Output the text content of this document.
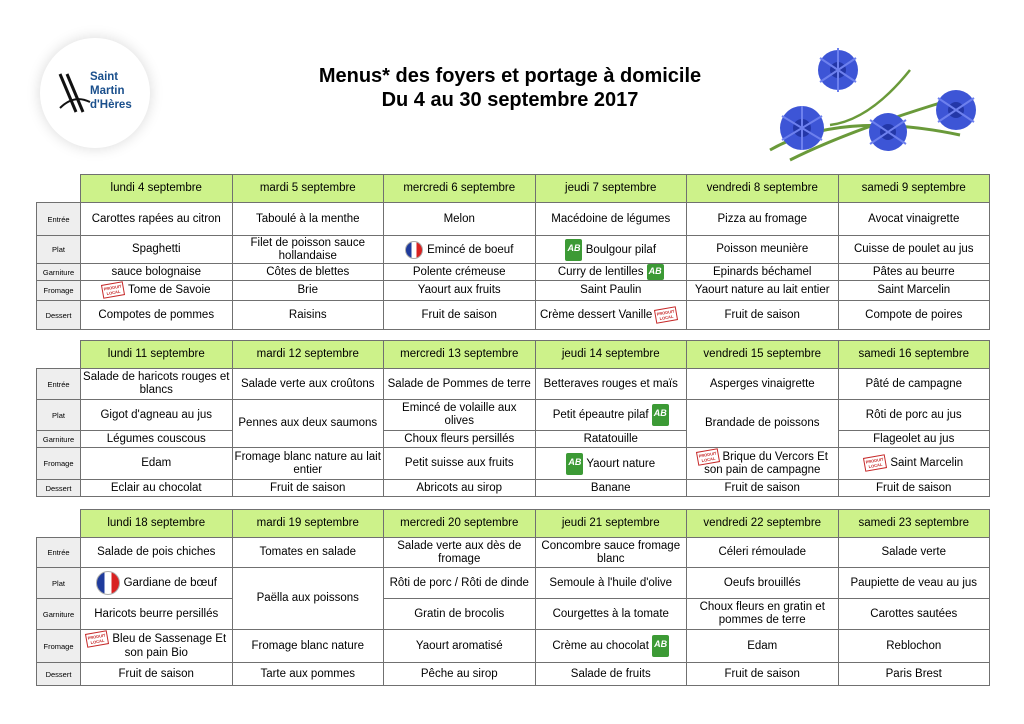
Saint
Martin
d'Hères
Menus* des foyers et portage à domicile
Du 4 au 30 septembre 2017
	lundi 4 septembre	mardi 5 septembre	mercredi 6 septembre	jeudi 7 septembre	vendredi 8 septembre	samedi 9 septembre
Entrée	Carottes rapées au citron	Taboulé à la menthe	Melon	Macédoine de légumes	Pizza au fromage	Avocat vinaigrette
Plat	Spaghetti	Filet de poisson sauce hollandaise	Emincé de boeuf	AB Boulgour pilaf	Poisson meunière	Cuisse de poulet au jus
Garniture	sauce bolognaise	Côtes de blettes	Polente crémeuse	Curry de lentilles AB	Epinards béchamel	Pâtes au beurre
Fromage	PRODUIT LOCAL Tome de Savoie	Brie	Yaourt aux fruits	Saint Paulin	Yaourt nature au lait entier	Saint Marcelin
Dessert	Compotes de pommes	Raisins	Fruit de saison	Crème dessert Vanille PRODUIT LOCAL	Fruit de saison	Compote de poires
	lundi 11 septembre	mardi 12 septembre	mercredi 13 septembre	jeudi 14 septembre	vendredi 15 septembre	samedi 16 septembre
Entrée	Salade de haricots rouges et blancs	Salade verte aux croûtons	Salade de Pommes de terre	Betteraves rouges et maïs	Asperges vinaigrette	Pâté de campagne
Plat	Gigot d'agneau au jus	Pennes aux deux saumons	Emincé de volaille aux olives	Petit épeautre pilaf AB	Brandade de poissons	Rôti de porc au jus
Garniture	Légumes couscous		Choux fleurs persillés	Ratatouille		Flageolet au jus
Fromage	Edam	Fromage blanc nature au lait entier	Petit suisse aux fruits	AB Yaourt nature	PRODUIT LOCAL Brique du Vercors Et son pain de campagne	PRODUIT LOCAL Saint Marcelin
Dessert	Eclair au chocolat	Fruit de saison	Abricots au sirop	Banane	Fruit de saison	Fruit de saison
	lundi 18 septembre	mardi 19 septembre	mercredi 20 septembre	jeudi 21 septembre	vendredi 22 septembre	samedi 23 septembre
Entrée	Salade de pois chiches	Tomates en salade	Salade verte aux dès de fromage	Concombre sauce fromage blanc	Céleri rémoulade	Salade verte
Plat	Gardiane de bœuf	Paëlla aux poissons	Rôti de porc / Rôti de dinde	Semoule à l'huile d'olive	Oeufs brouillés	Paupiette de veau au jus
Garniture	Haricots beurre persillés		Gratin de brocolis	Courgettes à la tomate	Choux fleurs en gratin et pommes de terre	Carottes sautées
Fromage	PRODUIT LOCAL Bleu de Sassenage Et son pain Bio	Fromage blanc nature	Yaourt aromatisé	Crème au chocolat AB	Edam	Reblochon
Dessert	Fruit de saison	Tarte aux pommes	Pêche au sirop	Salade de fruits	Fruit de saison	Paris Brest
